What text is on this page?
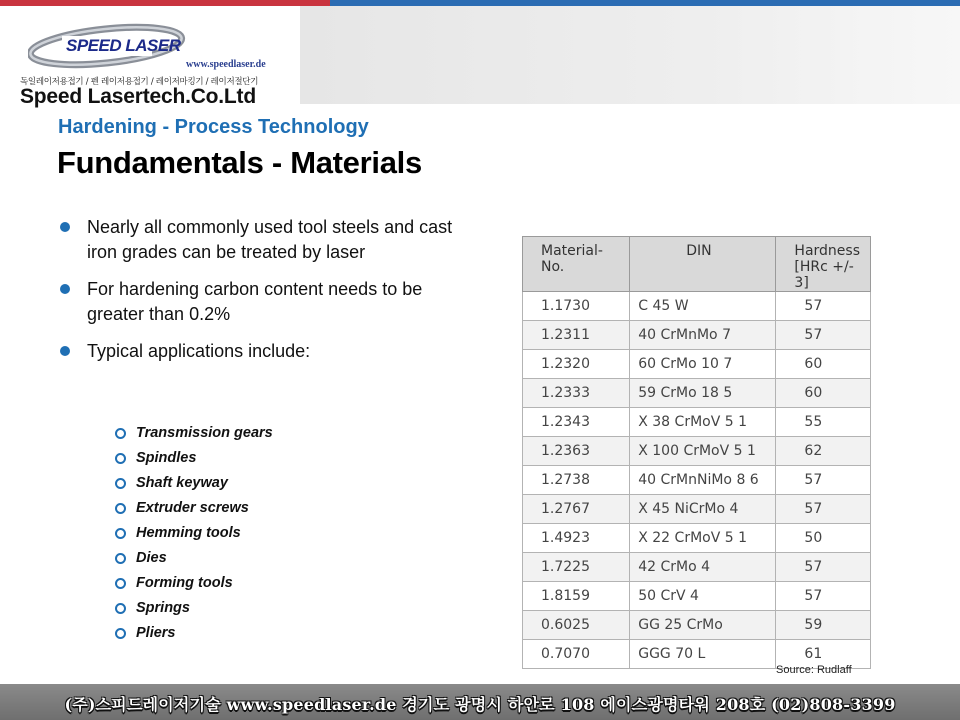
SPEED LASER
www.speedlaser.de
독일레이저용접기 / 펜 레이저용접기 / 레이저마킹기 / 레이저절단기
Speed Lasertech.Co.Ltd
Hardening - Process Technology
Fundamentals - Materials
Nearly all commonly used tool steels and cast iron grades can be treated by laser
For hardening carbon content needs to be greater than 0.2%
Typical applications include:
Transmission gears
Spindles
Shaft keyway
Extruder screws
Hemming tools
Dies
Forming tools
Springs
Pliers
Material-No.	DIN	Hardness
[HRc +/- 3]

1.1730	C 45 W	57
1.2311	40 CrMnMo 7	57
1.2320	60 CrMo 10 7	60
1.2333	59 CrMo 18 5	60
1.2343	X 38 CrMoV 5 1	55
1.2363	X 100 CrMoV 5 1	62
1.2738	40 CrMnNiMo 8 6	57
1.2767	X 45 NiCrMo 4	57
1.4923	X 22 CrMoV 5 1	50
1.7225	42 CrMo 4	57
1.8159	50 CrV 4	57
0.6025	GG 25 CrMo	59
0.7070	GGG 70 L	61
Source: Rudlaff
(주)스피드레이저기술 www.speedlaser.de 경기도 광명시 하안로 108 에이스광명타워 208호 (02)808-3399
